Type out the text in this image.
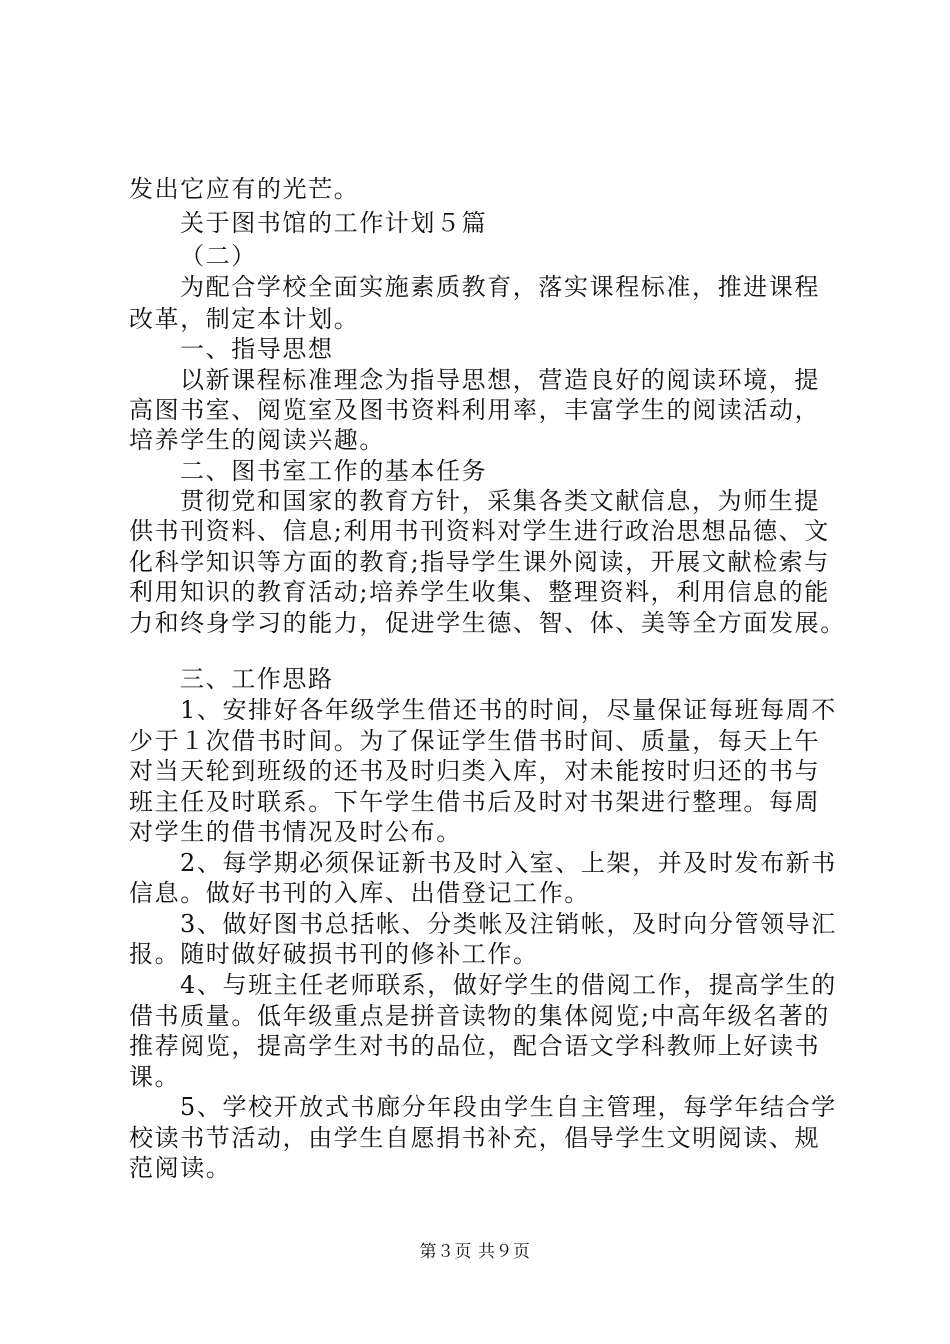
发出它应有的光芒。
关于图书馆的工作计划５篇
（二）
为配合学校全面实施素质教育，落实课程标准，推进课程
改革，制定本计划。
一、指导思想
以新课程标准理念为指导思想，营造良好的阅读环境，提
高图书室、阅览室及图书资料利用率，丰富学生的阅读活动，
培养学生的阅读兴趣。
二、图书室工作的基本任务
贯彻党和国家的教育方针，采集各类文献信息，为师生提
供书刊资料、信息;利用书刊资料对学生进行政治思想品德、文
化科学知识等方面的教育;指导学生课外阅读，开展文献检索与
利用知识的教育活动;培养学生收集、整理资料，利用信息的能
力和终身学习的能力，促进学生德、智、体、美等全方面发展。
三、工作思路
1、安排好各年级学生借还书的时间，尽量保证每班每周不
少于１次借书时间。为了保证学生借书时间、质量，每天上午
对当天轮到班级的还书及时归类入库，对未能按时归还的书与
班主任及时联系。下午学生借书后及时对书架进行整理。每周
对学生的借书情况及时公布。
2、每学期必须保证新书及时入室、上架，并及时发布新书
信息。做好书刊的入库、出借登记工作。
3、做好图书总括帐、分类帐及注销帐，及时向分管领导汇
报。随时做好破损书刊的修补工作。
4、与班主任老师联系，做好学生的借阅工作，提高学生的
借书质量。低年级重点是拼音读物的集体阅览;中高年级名著的
推荐阅览，提高学生对书的品位，配合语文学科教师上好读书
课。
5、学校开放式书廊分年段由学生自主管理，每学年结合学
校读书节活动，由学生自愿捐书补充，倡导学生文明阅读、规
范阅读。
第３页 共９页
